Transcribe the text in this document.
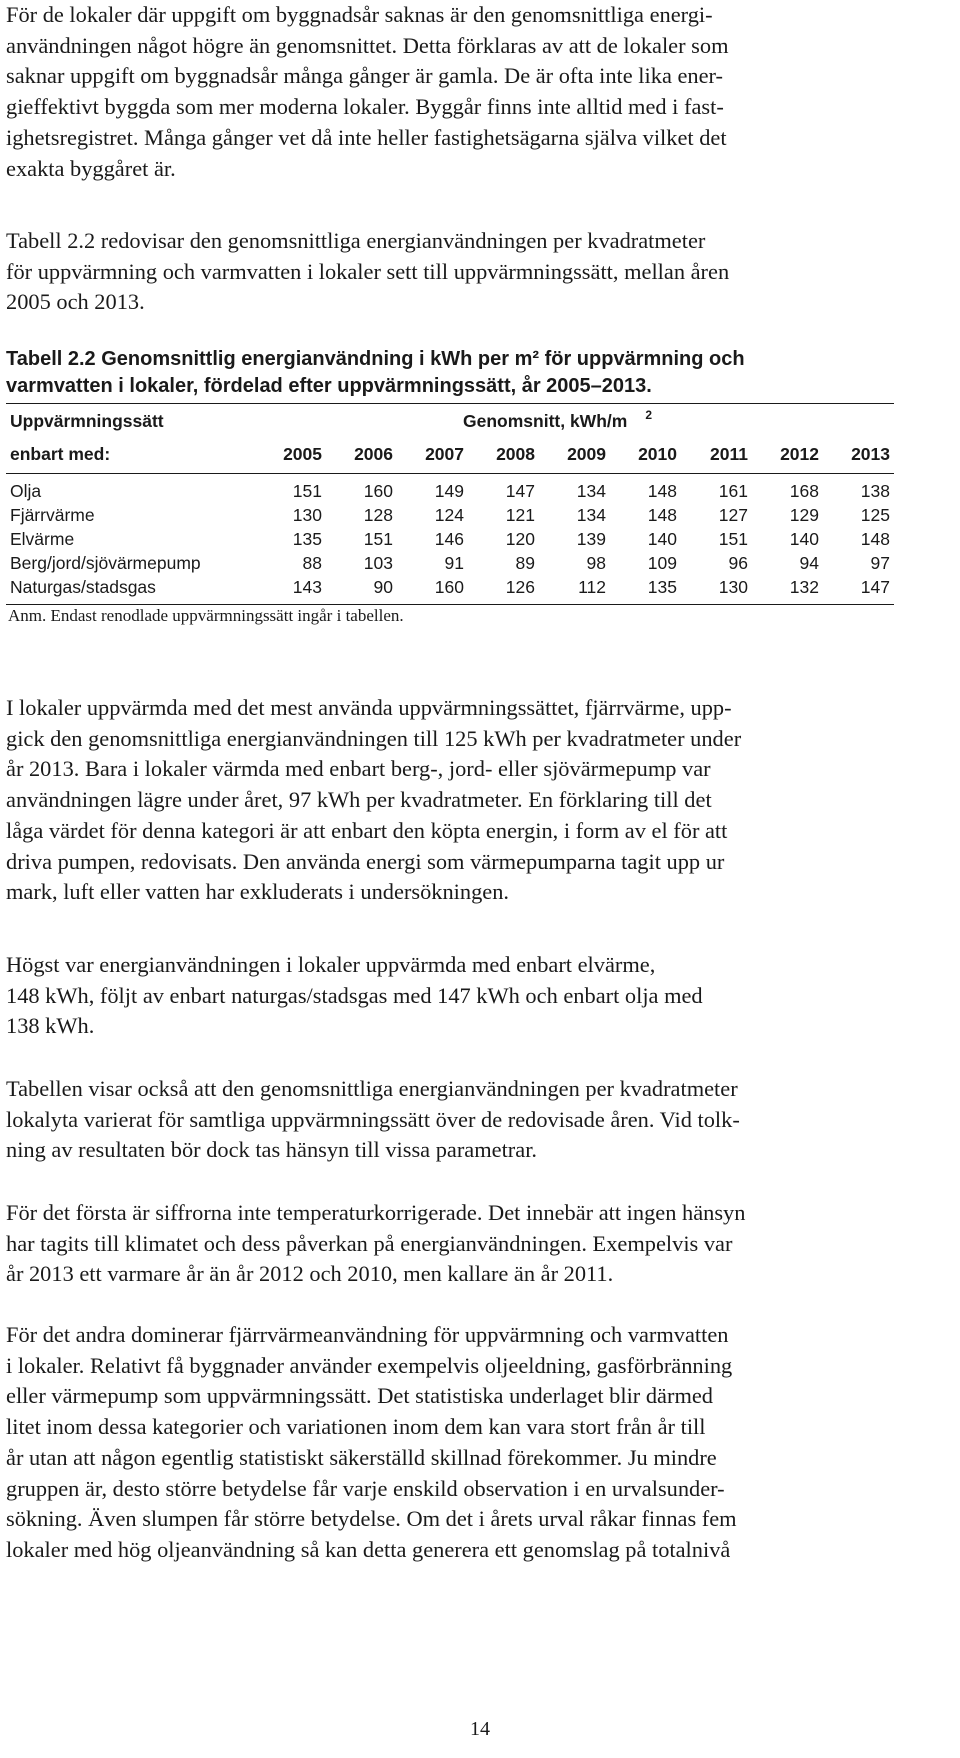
För de lokaler där uppgift om byggnadsår saknas är den genomsnittliga energi-
användningen något högre än genomsnittet. Detta förklaras av att de lokaler som
saknar uppgift om byggnadsår många gånger är gamla. De är ofta inte lika ener-
gieffektivt byggda som mer moderna lokaler. Byggår finns inte alltid med i fast-
ighetsregistret. Många gånger vet då inte heller fastighetsägarna själva vilket det
exakta byggåret är.
Tabell 2.2 redovisar den genomsnittliga energianvändningen per kvadratmeter
för uppvärmning och varmvatten i lokaler sett till uppvärmningssätt, mellan åren
2005 och 2013.
Tabell 2.2 Genomsnittlig energianvändning i kWh per m² för uppvärmning och
varmvatten i lokaler, fördelad efter uppvärmningssätt, år 2005–2013.
Uppvärmningssätt	Genomsnitt, kWh/m $^2$
enbart med:	2005	2006	2007	2008	2009	2010	2011	2012	2013
Olja	151	160	149	147	134	148	161	168	138
Fjärrvärme	130	128	124	121	134	148	127	129	125
Elvärme	135	151	146	120	139	140	151	140	148
Berg/jord/sjövärmepump	88	103	91	89	98	109	96	94	97
Naturgas/stadsgas	143	90	160	126	112	135	130	132	147
Anm. Endast renodlade uppvärmningssätt ingår i tabellen.
I lokaler uppvärmda med det mest använda uppvärmningssättet, fjärrvärme, upp-
gick den genomsnittliga energianvändningen till 125 kWh per kvadratmeter under
år 2013. Bara i lokaler värmda med enbart berg-, jord- eller sjövärmepump var
användningen lägre under året, 97 kWh per kvadratmeter. En förklaring till det
låga värdet för denna kategori är att enbart den köpta energin, i form av el för att
driva pumpen, redovisats. Den använda energi som värmepumparna tagit upp ur
mark, luft eller vatten har exkluderats i undersökningen.
Högst var energianvändningen i lokaler uppvärmda med enbart elvärme,
148 kWh, följt av enbart naturgas/stadsgas med 147 kWh och enbart olja med
138 kWh.
Tabellen visar också att den genomsnittliga energianvändningen per kvadratmeter
lokalyta varierat för samtliga uppvärmningssätt över de redovisade åren. Vid tolk-
ning av resultaten bör dock tas hänsyn till vissa parametrar.
För det första är siffrorna inte temperaturkorrigerade. Det innebär att ingen hänsyn
har tagits till klimatet och dess påverkan på energianvändningen. Exempelvis var
år 2013 ett varmare år än år 2012 och 2010, men kallare än år 2011.
För det andra dominerar fjärrvärmeanvändning för uppvärmning och varmvatten
i lokaler. Relativt få byggnader använder exempelvis oljeeldning, gasförbränning
eller värmepump som uppvärmningssätt. Det statistiska underlaget blir därmed
litet inom dessa kategorier och variationen inom dem kan vara stort från år till
år utan att någon egentlig statistiskt säkerställd skillnad förekommer. Ju mindre
gruppen är, desto större betydelse får varje enskild observation i en urvalsunder-
sökning. Även slumpen får större betydelse. Om det i årets urval råkar finnas fem
lokaler med hög oljeanvändning så kan detta generera ett genomslag på totalnivå
14
